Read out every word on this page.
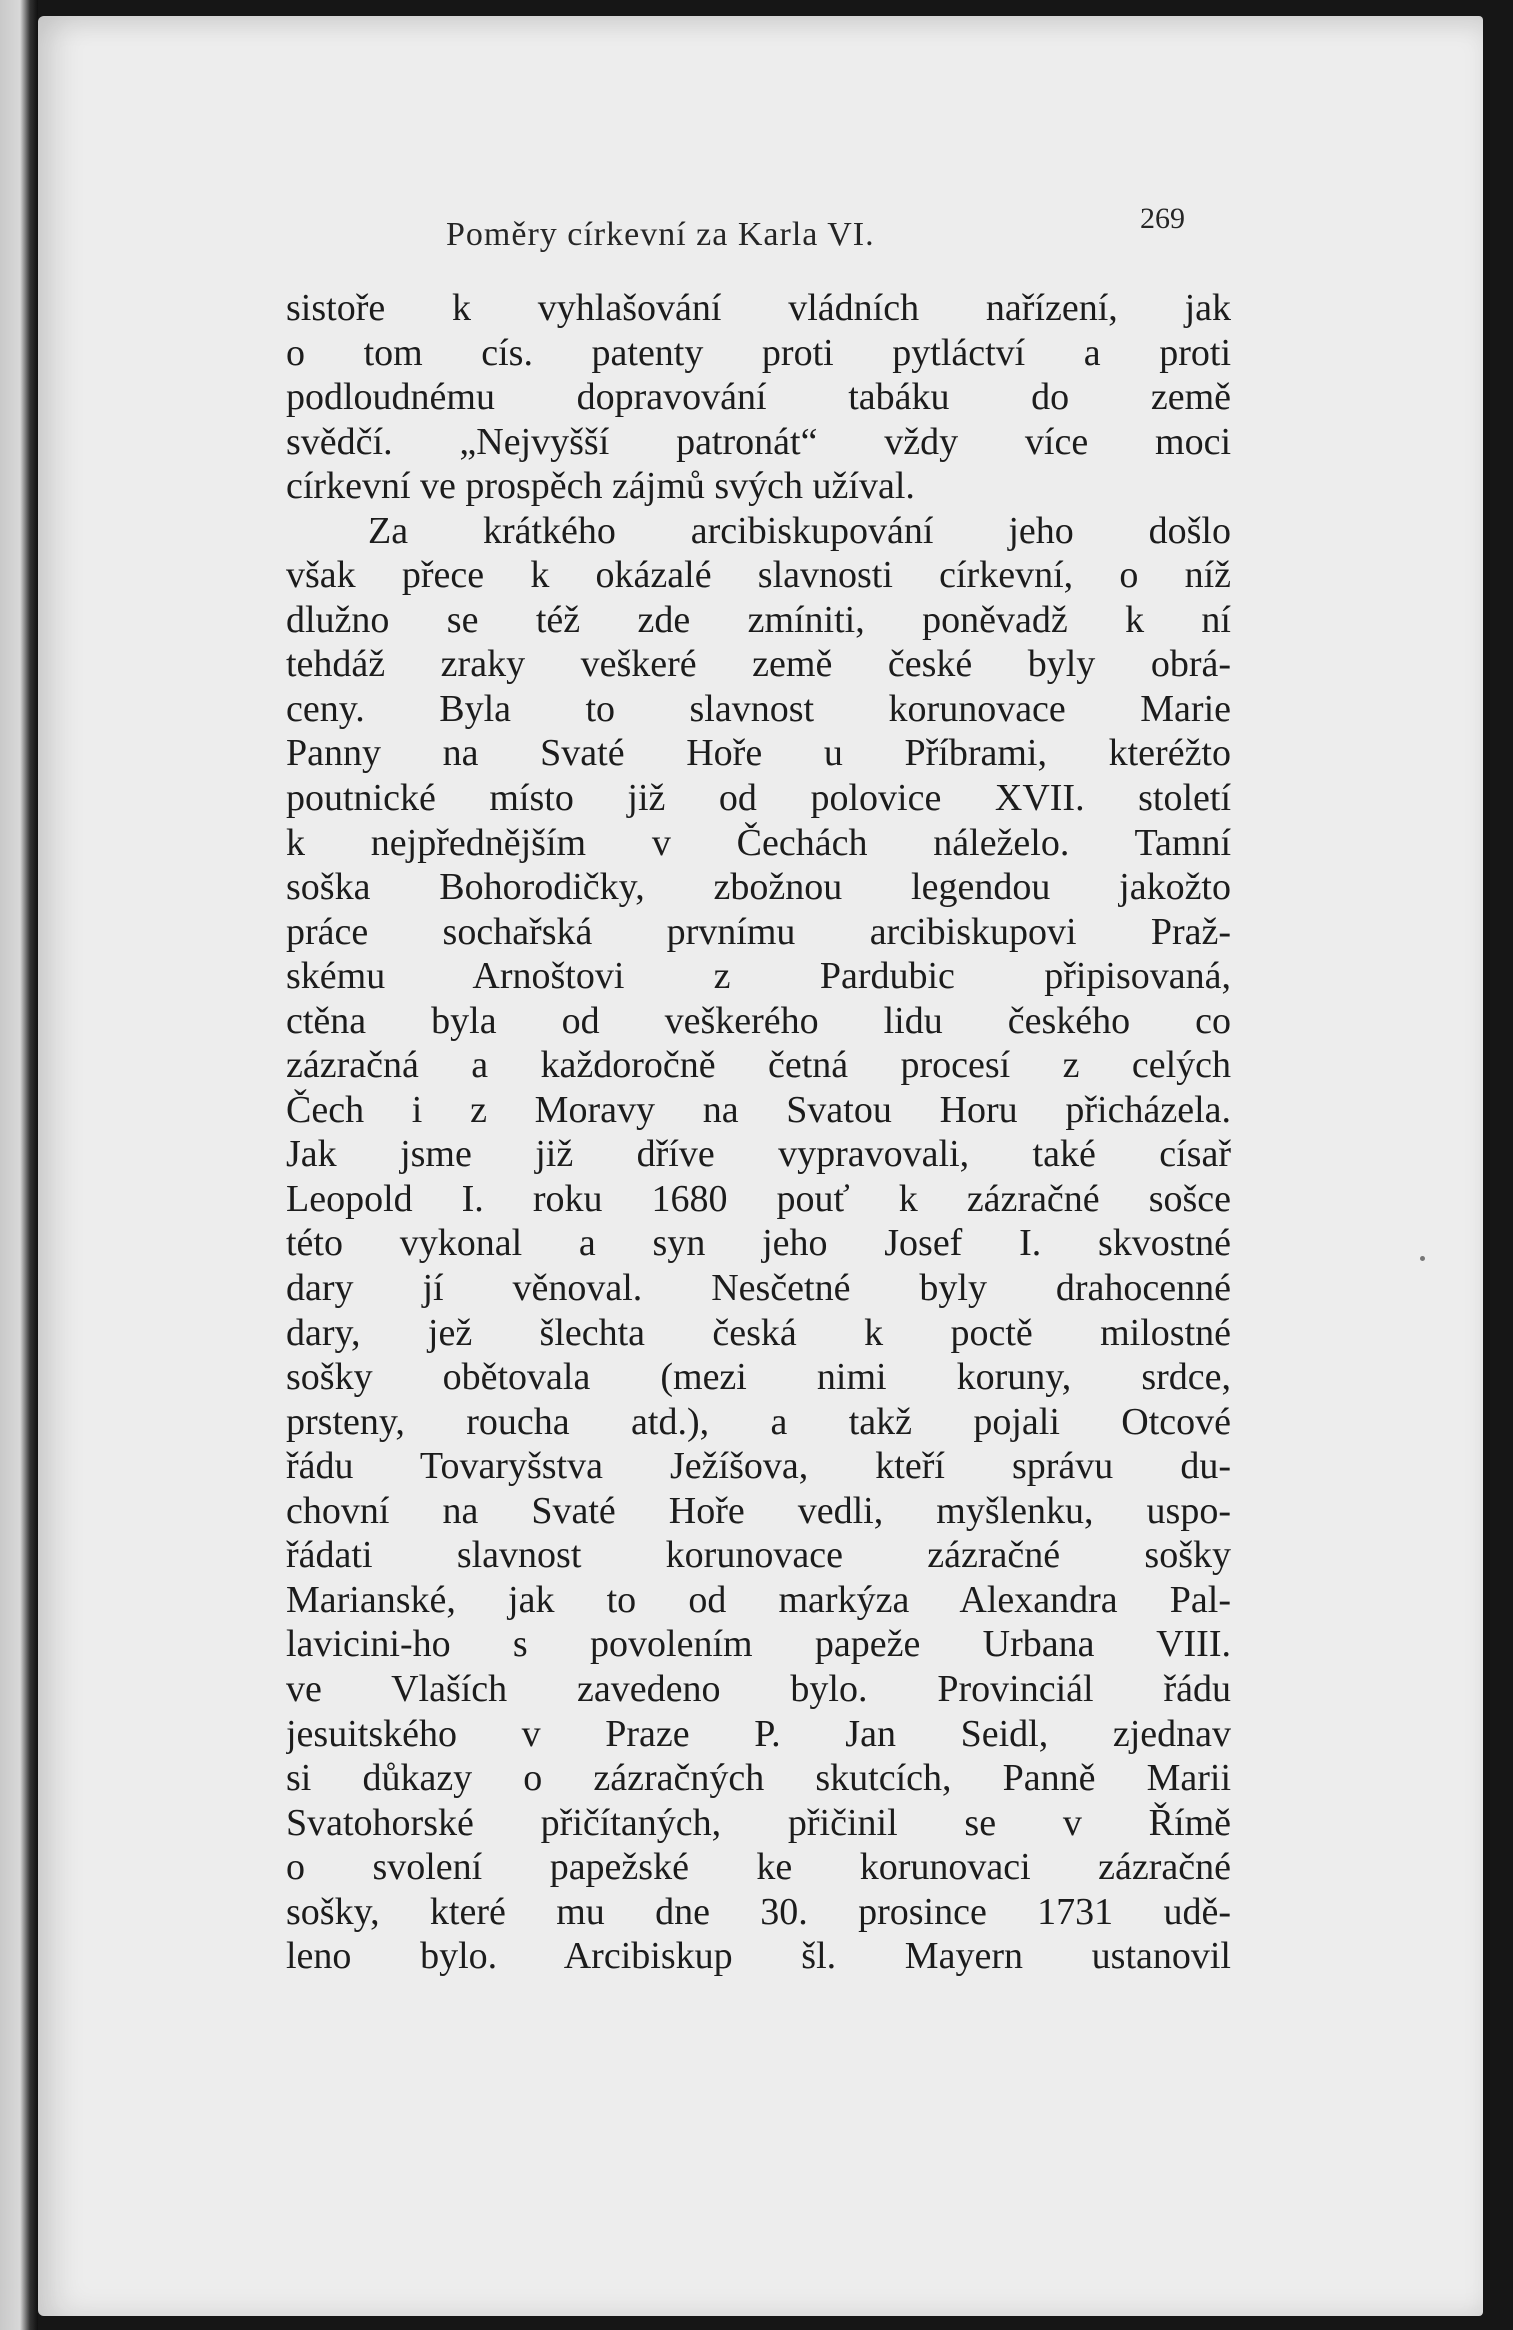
Poměry církevní za Karla VI.	269
sistoře k vyhlašování vládních nařízení, jak
o tom cís. patenty proti pytláctví a proti
podloudnému dopravování tabáku do země
svědčí. „Nejvyšší patronát“ vždy více moci
církevní ve prospěch zájmů svých užíval.
Za krátkého arcibiskupování jeho došlo
však přece k okázalé slavnosti církevní, o níž
dlužno se též zde zmíniti, poněvadž k ní
tehdáž zraky veškeré země české byly obrá-
ceny. Byla to slavnost korunovace Marie
Panny na Svaté Hoře u Příbrami, kteréžto
poutnické místo již od polovice XVII. století
k nejpřednějším v Čechách náleželo. Tamní
soška Bohorodičky, zbožnou legendou jakožto
práce sochařská prvnímu arcibiskupovi Praž-
skému Arnoštovi z Pardubic připisovaná,
ctěna byla od veškerého lidu českého co
zázračná a každoročně četná procesí z celých
Čech i z Moravy na Svatou Horu přicházela.
Jak jsme již dříve vypravovali, také císař
Leopold I. roku 1680 pouť k zázračné sošce
této vykonal a syn jeho Josef I. skvostné
dary jí věnoval. Nesčetné byly drahocenné
dary, jež šlechta česká k poctě milostné
sošky obětovala (mezi nimi koruny, srdce,
prsteny, roucha atd.), a takž pojali Otcové
řádu Tovaryšstva Ježíšova, kteří správu du-
chovní na Svaté Hoře vedli, myšlenku, uspo-
řádati slavnost korunovace zázračné sošky
Marianské, jak to od markýza Alexandra Pal-
lavicini-ho s povolením papeže Urbana VIII.
ve Vlaších zavedeno bylo. Provinciál řádu
jesuitského v Praze P. Jan Seidl, zjednav
si důkazy o zázračných skutcích, Panně Marii
Svatohorské přičítaných, přičinil se v Římě
o svolení papežské ke korunovaci zázračné
sošky, které mu dne 30. prosince 1731 udě-
leno bylo. Arcibiskup šl. Mayern ustanovil
